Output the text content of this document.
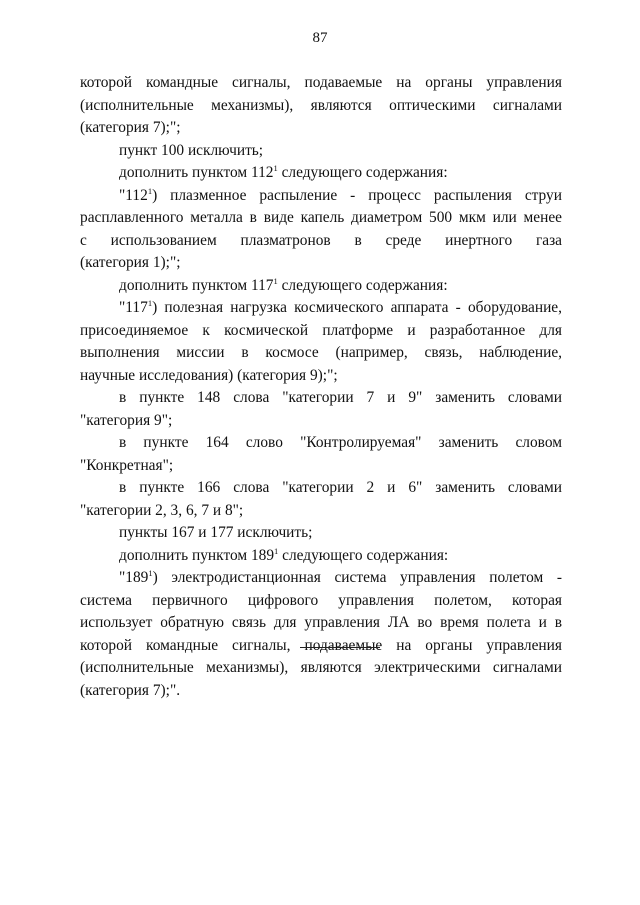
87
которой командные сигналы, подаваемые на органы управления
(исполнительные механизмы), являются оптическими сигналами
(категория 7);";
пункт 100 исключить;
дополнить пунктом $112^1$ следующего содержания:
"$112^1$) плазменное распыление - процесс распыления струи
расплавленного металла в виде капель диаметром 500 мкм или менее
с использованием плазматронов в среде инертного газа
(категория 1);";
дополнить пунктом $117^1$ следующего содержания:
"$117^1$) полезная нагрузка космического аппарата - оборудование,
присоединяемое к космической платформе и разработанное для
выполнения миссии в космосе (например, связь, наблюдение,
научные исследования) (категория 9);";
в пункте 148 слова "категории 7 и 9" заменить словами
"категория 9";
в пункте 164 слово "Контролируемая" заменить словом
"Конкретная";
в пункте 166 слова "категории 2 и 6" заменить словами
"категории 2, 3, 6, 7 и 8";
пункты 167 и 177 исключить;
дополнить пунктом $189^1$ следующего содержания:
"$189^1$) электродистанционная система управления полетом -
система первичного цифрового управления полетом, которая
использует обратную связь для управления ЛА во время полета и в
которой командные сигналы, подаваемые на органы управления
(исполнительные механизмы), являются электрическими сигналами
(категория 7);".
